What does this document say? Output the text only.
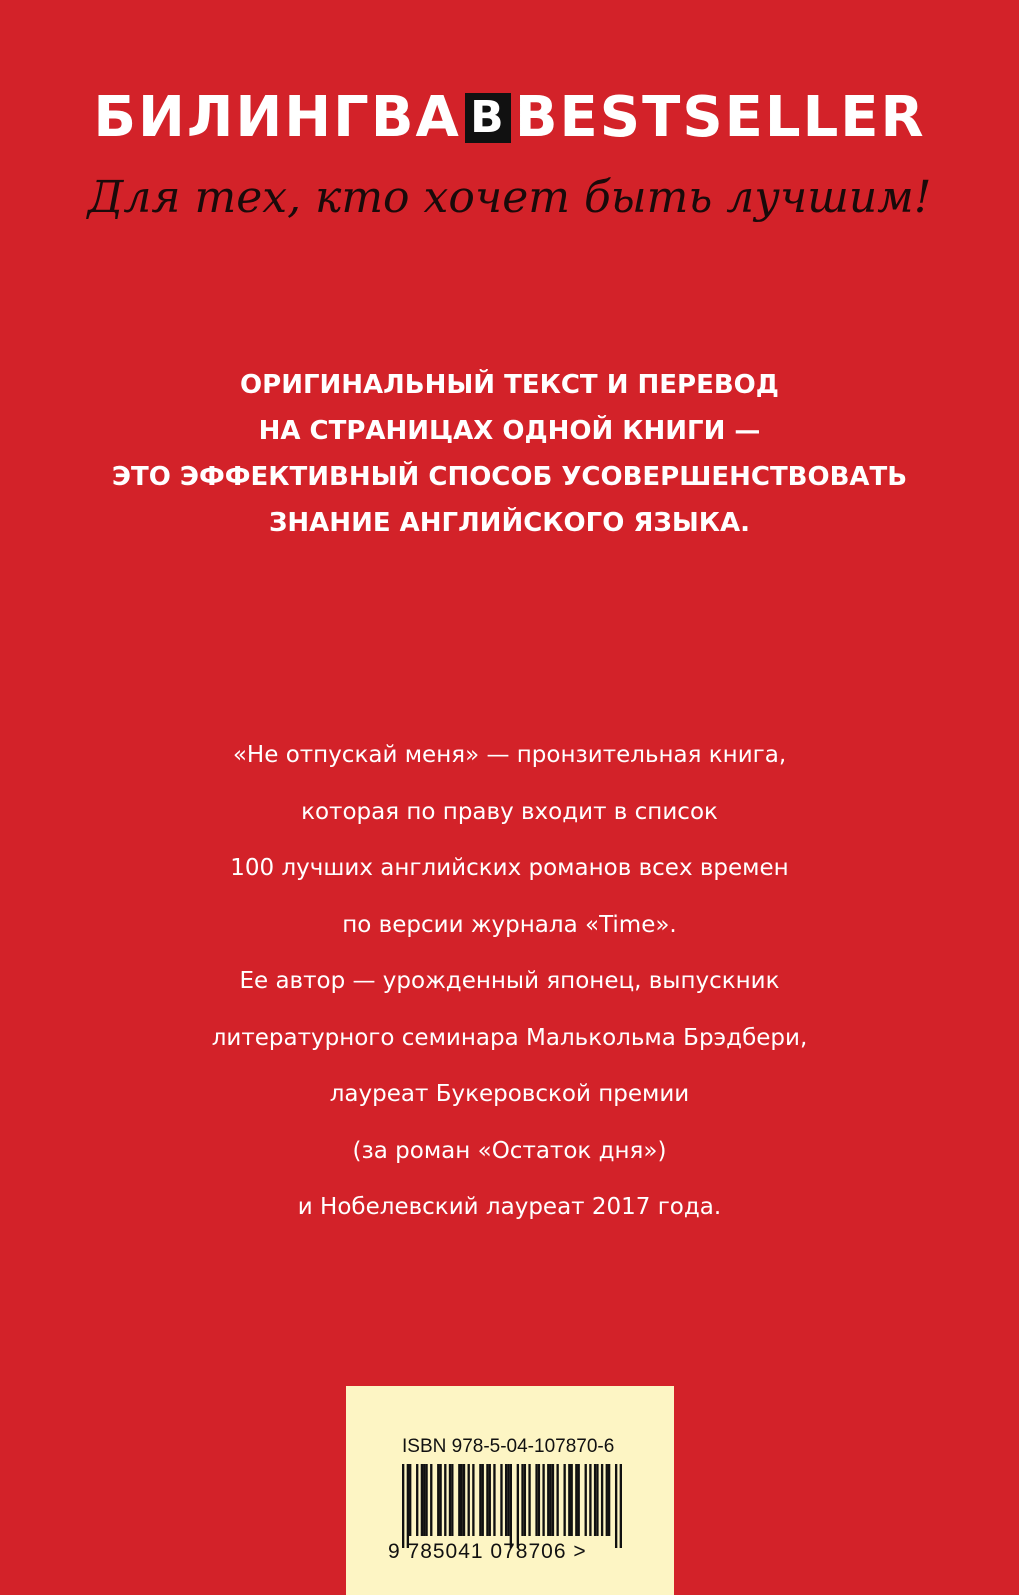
БИЛИНГВА B BESTSELLER
Для тех, кто хочет быть лучшим!
ОРИГИНАЛЬНЫЙ ТЕКСТ И ПЕРЕВОД
НА СТРАНИЦАХ ОДНОЙ КНИГИ —
ЭТО ЭФФЕКТИВНЫЙ СПОСОБ УСОВЕРШЕНСТВОВАТЬ
ЗНАНИЕ АНГЛИЙСКОГО ЯЗЫКА.
«Не отпускай меня» — пронзительная книга,
которая по праву входит в список
100 лучших английских романов всех времен
по версии журнала «Time».
Ее автор — урожденный японец, выпускник
литературного семинара Малькольма Брэдбери,
лауреат Букеровской премии
(за роман «Остаток дня»)
и Нобелевский лауреат 2017 года.
ISBN 978-5-04-107870-6
9 785041 078706 >
